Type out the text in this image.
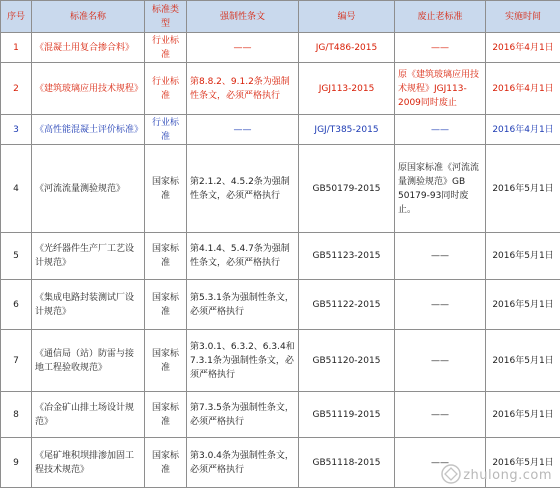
序号	标准名称	标准类型	强制性条文	编号	废止老标准	实施时间
1	《混凝土用复合掺合料》	行业标准	——	JG/T486-2015	——	2016年4月1日
2	《建筑玻璃应用技术规程》	行业标准	第8.8.2、9.1.2条为强制性条文，必须严格执行	JGJ113-2015	原《建筑玻璃应用技术规程》JGJ113-2009同时废止	2016年4月1日
3	《高性能混凝土评价标准》	行业标准	——	JGJ/T385-2015	——	2016年4月1日
4	《河流流量测验规范》	国家标准	第2.1.2、4.5.2条为强制性条文，必须严格执行	GB50179-2015	原国家标准《河流流量测验规范》GB 50179-93同时废止。	2016年5月1日
5	《光纤器件生产厂工艺设计规范》	国家标准	第4.1.4、5.4.7条为强制性条文，必须严格执行	GB51123-2015	——	2016年5月1日
6	《集成电路封装测试厂设计规范》	国家标准	第5.3.1条为强制性条文，必须严格执行	GB51122-2015	——	2016年5月1日
7	《通信局（站）防雷与接地工程验收规范》	国家标准	第3.0.1、6.3.2、6.3.4和7.3.1条为强制性条文，必须严格执行	GB51120-2015	——	2016年5月1日
8	《冶金矿山排土场设计规范》	国家标准	第7.3.5条为强制性条文，必须严格执行	GB51119-2015	——	2016年5月1日
9	《尾矿堆积坝排渗加固工程技术规范》	国家标准	第3.0.4条为强制性条文，必须严格执行	GB51118-2015	——	2016年5月1日
zhulong.com
